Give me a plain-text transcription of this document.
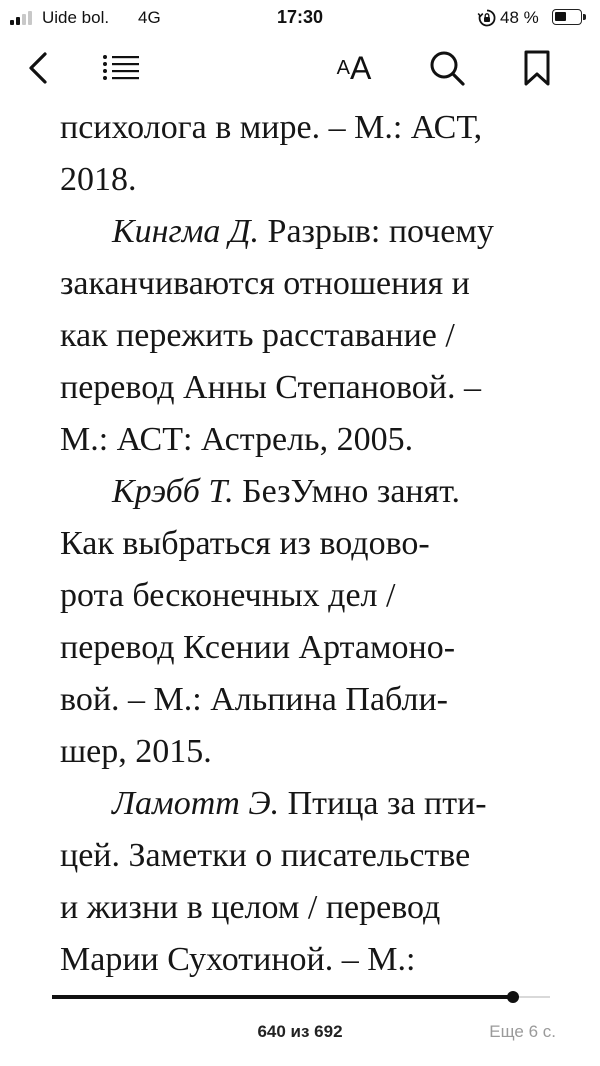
Uide bol. 4G	17:30	48 %
A A
психолога в мире. – М.: АСТ,
2018.
Кингма Д. Разрыв: почему
заканчиваются отношения и
как пережить расставание /
перевод Анны Степановой. –
М.: АСТ: Астрель, 2005.
Крэбб Т. БезУмно занят.
Как выбраться из водово-
рота бесконечных дел /
перевод Ксении Артамоно-
вой. – М.: Альпина Пабли-
шер, 2015.
Ламотт Э. Птица за пти-
цей. Заметки о писательстве
и жизни в целом / перевод
Марии Сухотиной. – М.:
640 из 692	Еще 6 с.
